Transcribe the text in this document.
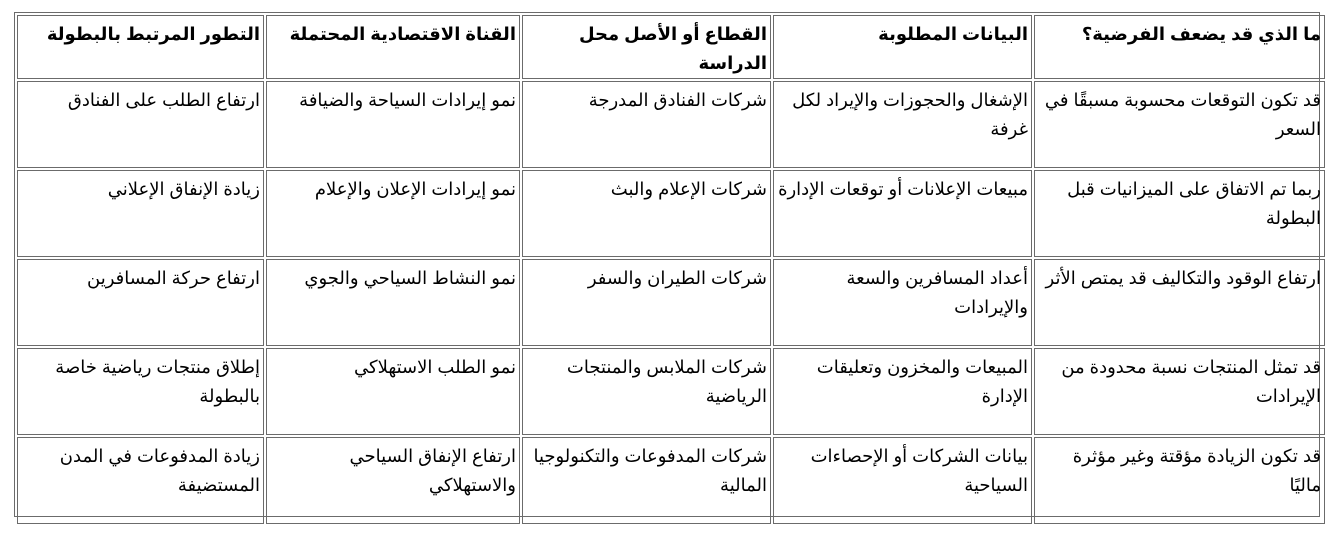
ما الذي قد يضعف الفرضية؟	البيانات المطلوبة	القطاع أو الأصل محل الدراسة	القناة الاقتصادية المحتملة	التطور المرتبط بالبطولة
قد تكون التوقعات محسوبة مسبقًا في السعر	الإشغال والحجوزات والإيراد لكل غرفة	شركات الفنادق المدرجة	نمو إيرادات السياحة والضيافة	ارتفاع الطلب على الفنادق
ربما تم الاتفاق على الميزانيات قبل البطولة	مبيعات الإعلانات أو توقعات الإدارة	شركات الإعلام والبث	نمو إيرادات الإعلان والإعلام	زيادة الإنفاق الإعلاني
ارتفاع الوقود والتكاليف قد يمتص الأثر	أعداد المسافرين والسعة والإيرادات	شركات الطيران والسفر	نمو النشاط السياحي والجوي	ارتفاع حركة المسافرين
قد تمثل المنتجات نسبة محدودة من الإيرادات	المبيعات والمخزون وتعليقات الإدارة	شركات الملابس والمنتجات الرياضية	نمو الطلب الاستهلاكي	إطلاق منتجات رياضية خاصة بالبطولة
قد تكون الزيادة مؤقتة وغير مؤثرة ماليًا	بيانات الشركات أو الإحصاءات السياحية	شركات المدفوعات والتكنولوجيا المالية	ارتفاع الإنفاق السياحي والاستهلاكي	زيادة المدفوعات في المدن المستضيفة
